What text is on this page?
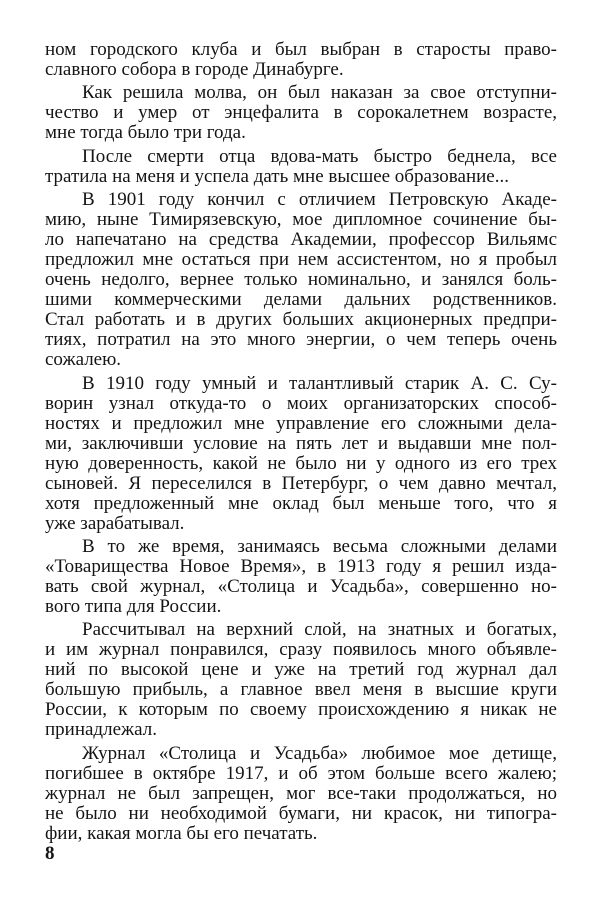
ном городского клуба и был выбран в старосты право-
славного собора в городе Динабурге.
Как решила молва, он был наказан за свое отступни-
чество и умер от энцефалита в сорокалетнем возрасте,
мне тогда было три года.
После смерти отца вдова-мать быстро беднела, все
тратила на меня и успела дать мне высшее образование...
В 1901 году кончил с отличием Петровскую Акаде-
мию, ныне Тимирязевскую, мое дипломное сочинение бы-
ло напечатано на средства Академии, профессор Вильямс
предложил мне остаться при нем ассистентом, но я пробыл
очень недолго, вернее только номинально, и занялся боль-
шими коммерческими делами дальних родственников.
Стал работать и в других больших акционерных предпри-
тиях, потратил на это много энергии, о чем теперь очень
сожалею.
В 1910 году умный и талантливый старик А. С. Су-
ворин узнал откуда-то о моих организаторских способ-
ностях и предложил мне управление его сложными дела-
ми, заключивши условие на пять лет и выдавши мне пол-
ную доверенность, какой не было ни у одного из его трех
сыновей. Я переселился в Петербург, о чем давно мечтал,
хотя предложенный мне оклад был меньше того, что я
уже зарабатывал.
В то же время, занимаясь весьма сложными делами
«Товарищества Новое Время», в 1913 году я решил изда-
вать свой журнал, «Столица и Усадьба», совершенно но-
вого типа для России.
Рассчитывал на верхний слой, на знатных и богатых,
и им журнал понравился, сразу появилось много объявле-
ний по высокой цене и уже на третий год журнал дал
большую прибыль, а главное ввел меня в высшие круги
России, к которым по своему происхождению я никак не
принадлежал.
Журнал «Столица и Усадьба» любимое мое детище,
погибшее в октябре 1917, и об этом больше всего жалею;
журнал не был запрещен, мог все-таки продолжаться, но
не было ни необходимой бумаги, ни красок, ни типогра-
фии, какая могла бы его печатать.
8
